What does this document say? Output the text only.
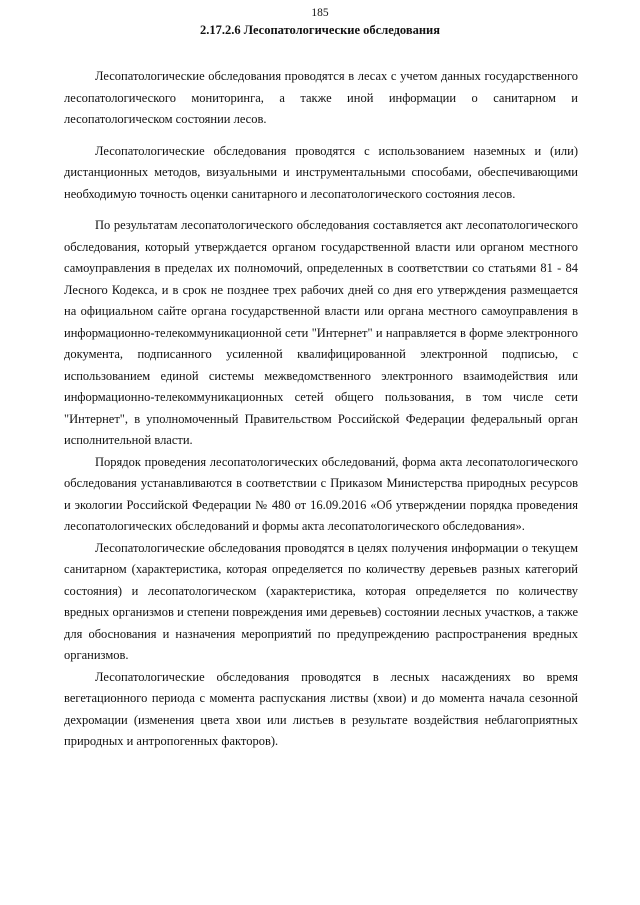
185
2.17.2.6 Лесопатологические обследования

Лесопатологические обследования проводятся в лесах с учетом данных государственного лесопатологического мониторинга, а также иной информации о санитарном и лесопатологическом состоянии лесов.

Лесопатологические обследования проводятся с использованием наземных и (или) дистанционных методов, визуальными и инструментальными способами, обеспечивающими необходимую точность оценки санитарного и лесопатологического состояния лесов.

По результатам лесопатологического обследования составляется акт лесопатологического обследования, который утверждается органом государственной власти или органом местного самоуправления в пределах их полномочий, определенных в соответствии со статьями 81 - 84 Лесного Кодекса, и в срок не позднее трех рабочих дней со дня его утверждения размещается на официальном сайте органа государственной власти или органа местного самоуправления в информационно-телекоммуникационной сети "Интернет" и направляется в форме электронного документа, подписанного усиленной квалифицированной электронной подписью, с использованием единой системы межведомственного электронного взаимодействия или информационно-телекоммуникационных сетей общего пользования, в том числе сети "Интернет", в уполномоченный Правительством Российской Федерации федеральный орган исполнительной власти.

Порядок проведения лесопатологических обследований, форма акта лесопатологического обследования устанавливаются в соответствии с Приказом Министерства природных ресурсов и экологии Российской Федерации № 480 от 16.09.2016 «Об утверждении порядка проведения лесопатологических обследований и формы акта лесопатологического обследования».

Лесопатологические обследования проводятся в целях получения информации о текущем санитарном (характеристика, которая определяется по количеству деревьев разных категорий состояния) и лесопатологическом (характеристика, которая определяется по количеству вредных организмов и степени повреждения ими деревьев) состоянии лесных участков, а также для обоснования и назначения мероприятий по предупреждению распространения вредных организмов.

Лесопатологические обследования проводятся в лесных насаждениях во время вегетационного периода с момента распускания листвы (хвои) и до момента начала сезонной дехромации (изменения цвета хвои или листьев в результате воздействия неблагоприятных природных и антропогенных факторов).
